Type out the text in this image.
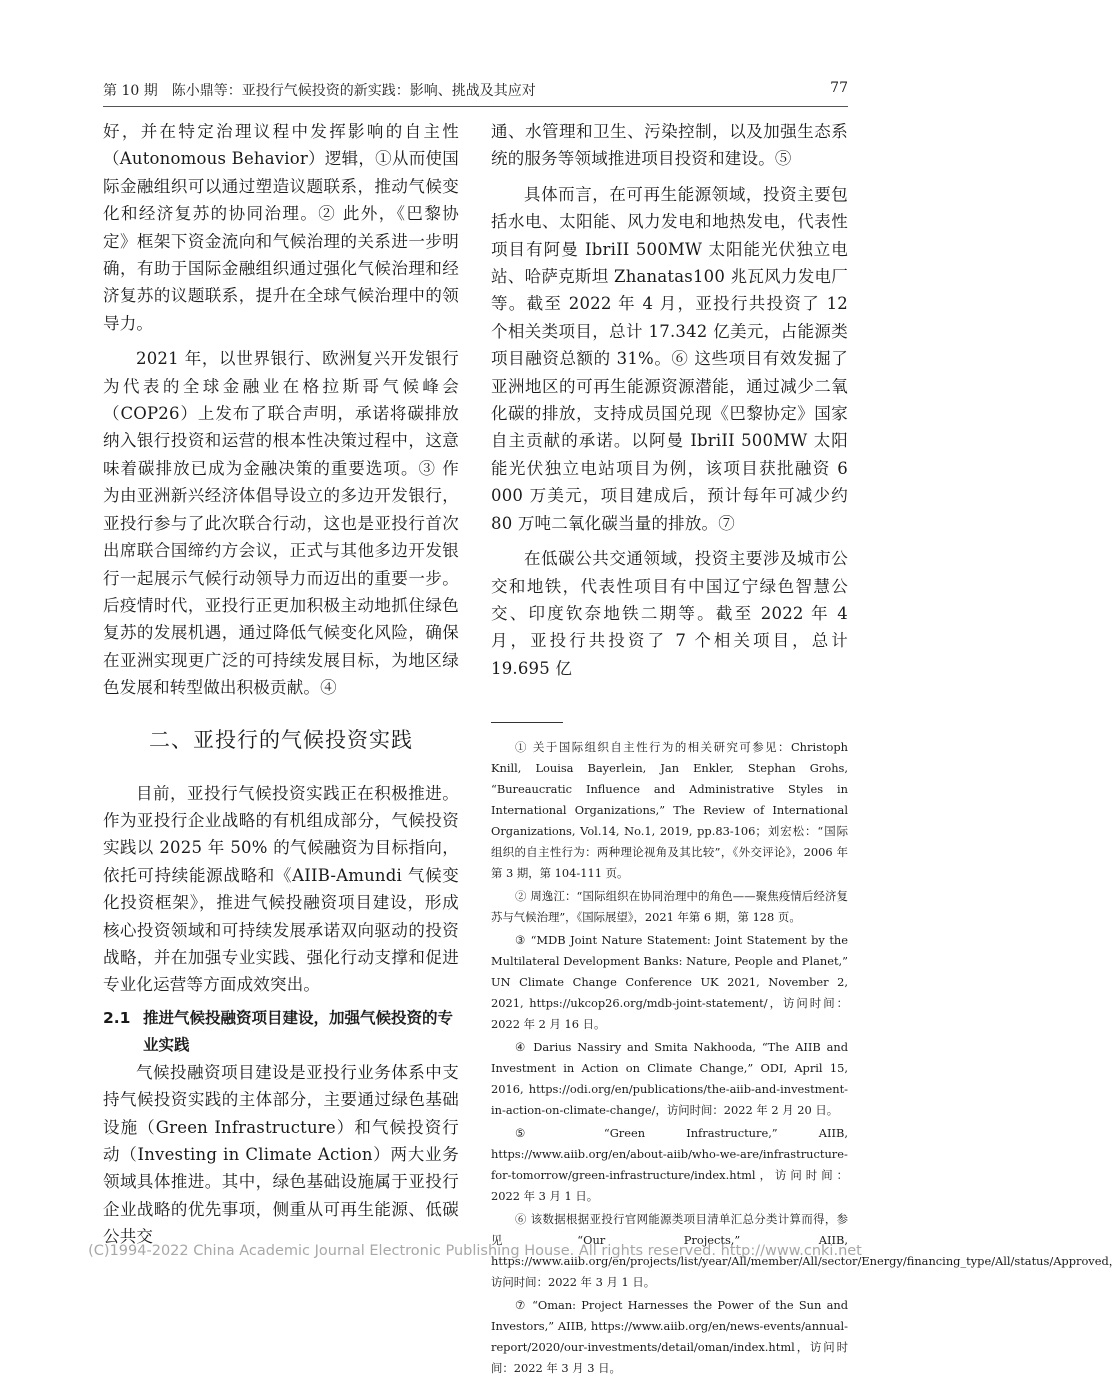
第 10 期　陈小鼎等：亚投行气候投资的新实践：影响、挑战及其应对	77

好，并在特定治理议程中发挥影响的自主性（Autonomous Behavior）逻辑，①从而使国际金融组织可以通过塑造议题联系，推动气候变化和经济复苏的协同治理。② 此外，《巴黎协定》框架下资金流向和气候治理的关系进一步明确，有助于国际金融组织通过强化气候治理和经济复苏的议题联系，提升在全球气候治理中的领导力。

2021 年，以世界银行、欧洲复兴开发银行为代表的全球金融业在格拉斯哥气候峰会（COP26）上发布了联合声明，承诺将碳排放纳入银行投资和运营的根本性决策过程中，这意味着碳排放已成为金融决策的重要选项。③ 作为由亚洲新兴经济体倡导设立的多边开发银行，亚投行参与了此次联合行动，这也是亚投行首次出席联合国缔约方会议，正式与其他多边开发银行一起展示气候行动领导力而迈出的重要一步。后疫情时代，亚投行正更加积极主动地抓住绿色复苏的发展机遇，通过降低气候变化风险，确保在亚洲实现更广泛的可持续发展目标，为地区绿色发展和转型做出积极贡献。④

二、亚投行的气候投资实践

目前，亚投行气候投资实践正在积极推进。作为亚投行企业战略的有机组成部分，气候投资实践以 2025 年 50% 的气候融资为目标指向，依托可持续能源战略和《AIIB-Amundi 气候变化投资框架》，推进气候投融资项目建设，形成核心投资领域和可持续发展承诺双向驱动的投资战略，并在加强专业实践、强化行动支撑和促进专业化运营等方面成效突出。

2.1 推进气候投融资项目建设，加强气候投资的专业实践

气候投融资项目建设是亚投行业务体系中支持气候投资实践的主体部分，主要通过绿色基础设施（Green Infrastructure）和气候投资行动（Investing in Climate Action）两大业务领域具体推进。其中，绿色基础设施属于亚投行企业战略的优先事项，侧重从可再生能源、低碳公共交

通、水管理和卫生、污染控制，以及加强生态系统的服务等领域推进项目投资和建设。⑤

具体而言，在可再生能源领域，投资主要包括水电、太阳能、风力发电和地热发电，代表性项目有阿曼 IbriII 500MW 太阳能光伏独立电站、哈萨克斯坦 Zhanatas100 兆瓦风力发电厂等。截至 2022 年 4 月，亚投行共投资了 12 个相关类项目，总计 17.342 亿美元，占能源类项目融资总额的 31%。⑥ 这些项目有效发掘了亚洲地区的可再生能源资源潜能，通过减少二氧化碳的排放，支持成员国兑现《巴黎协定》国家自主贡献的承诺。以阿曼 IbriII 500MW 太阳能光伏独立电站项目为例，该项目获批融资 6 000 万美元，项目建成后，预计每年可减少约 80 万吨二氧化碳当量的排放。⑦

在低碳公共交通领域，投资主要涉及城市公交和地铁，代表性项目有中国辽宁绿色智慧公交、印度钦奈地铁二期等。截至 2022 年 4 月，亚投行共投资了 7 个相关项目，总计 19.695 亿

① 关于国际组织自主性行为的相关研究可参见：Christoph Knill, Louisa Bayerlein, Jan Enkler, Stephan Grohs, “Bureaucratic Influence and Administrative Styles in International Organizations,” The Review of International Organizations, Vol.14, No.1, 2019, pp.83-106；刘宏松：“国际组织的自主性行为：两种理论视角及其比较”，《外交评论》，2006 年第 3 期，第 104-111 页。

② 周逸江：“国际组织在协同治理中的角色——聚焦疫情后经济复苏与气候治理”，《国际展望》，2021 年第 6 期，第 128 页。

③ “MDB Joint Nature Statement: Joint Statement by the Multilateral Development Banks: Nature, People and Planet,” UN Climate Change Conference UK 2021, November 2, 2021, https://ukcop26.org/mdb-joint-statement/，访问时间：2022 年 2 月 16 日。

④ Darius Nassiry and Smita Nakhooda, “The AIIB and Investment in Action on Climate Change,” ODI, April 15, 2016, https://odi.org/en/publications/the-aiib-and-investment-in-action-on-climate-change/，访问时间：2022 年 2 月 20 日。

⑤ “Green Infrastructure,” AIIB, https://www.aiib.org/en/about-aiib/who-we-are/infrastructure-for-tomorrow/green-infrastructure/index.html，访问时间：2022 年 3 月 1 日。

⑥ 该数据根据亚投行官网能源类项目清单汇总分类计算而得，参见“Our Projects,” AIIB, https://www.aiib.org/en/projects/list/year/All/member/All/sector/Energy/financing_type/All/status/Approved，访问时间：2022 年 3 月 1 日。

⑦ “Oman: Project Harnesses the Power of the Sun and Investors,” AIIB, https://www.aiib.org/en/news-events/annual-report/2020/our-investments/detail/oman/index.html，访问时间：2022 年 3 月 3 日。

(C)1994-2022 China Academic Journal Electronic Publishing House. All rights reserved. http://www.cnki.net
